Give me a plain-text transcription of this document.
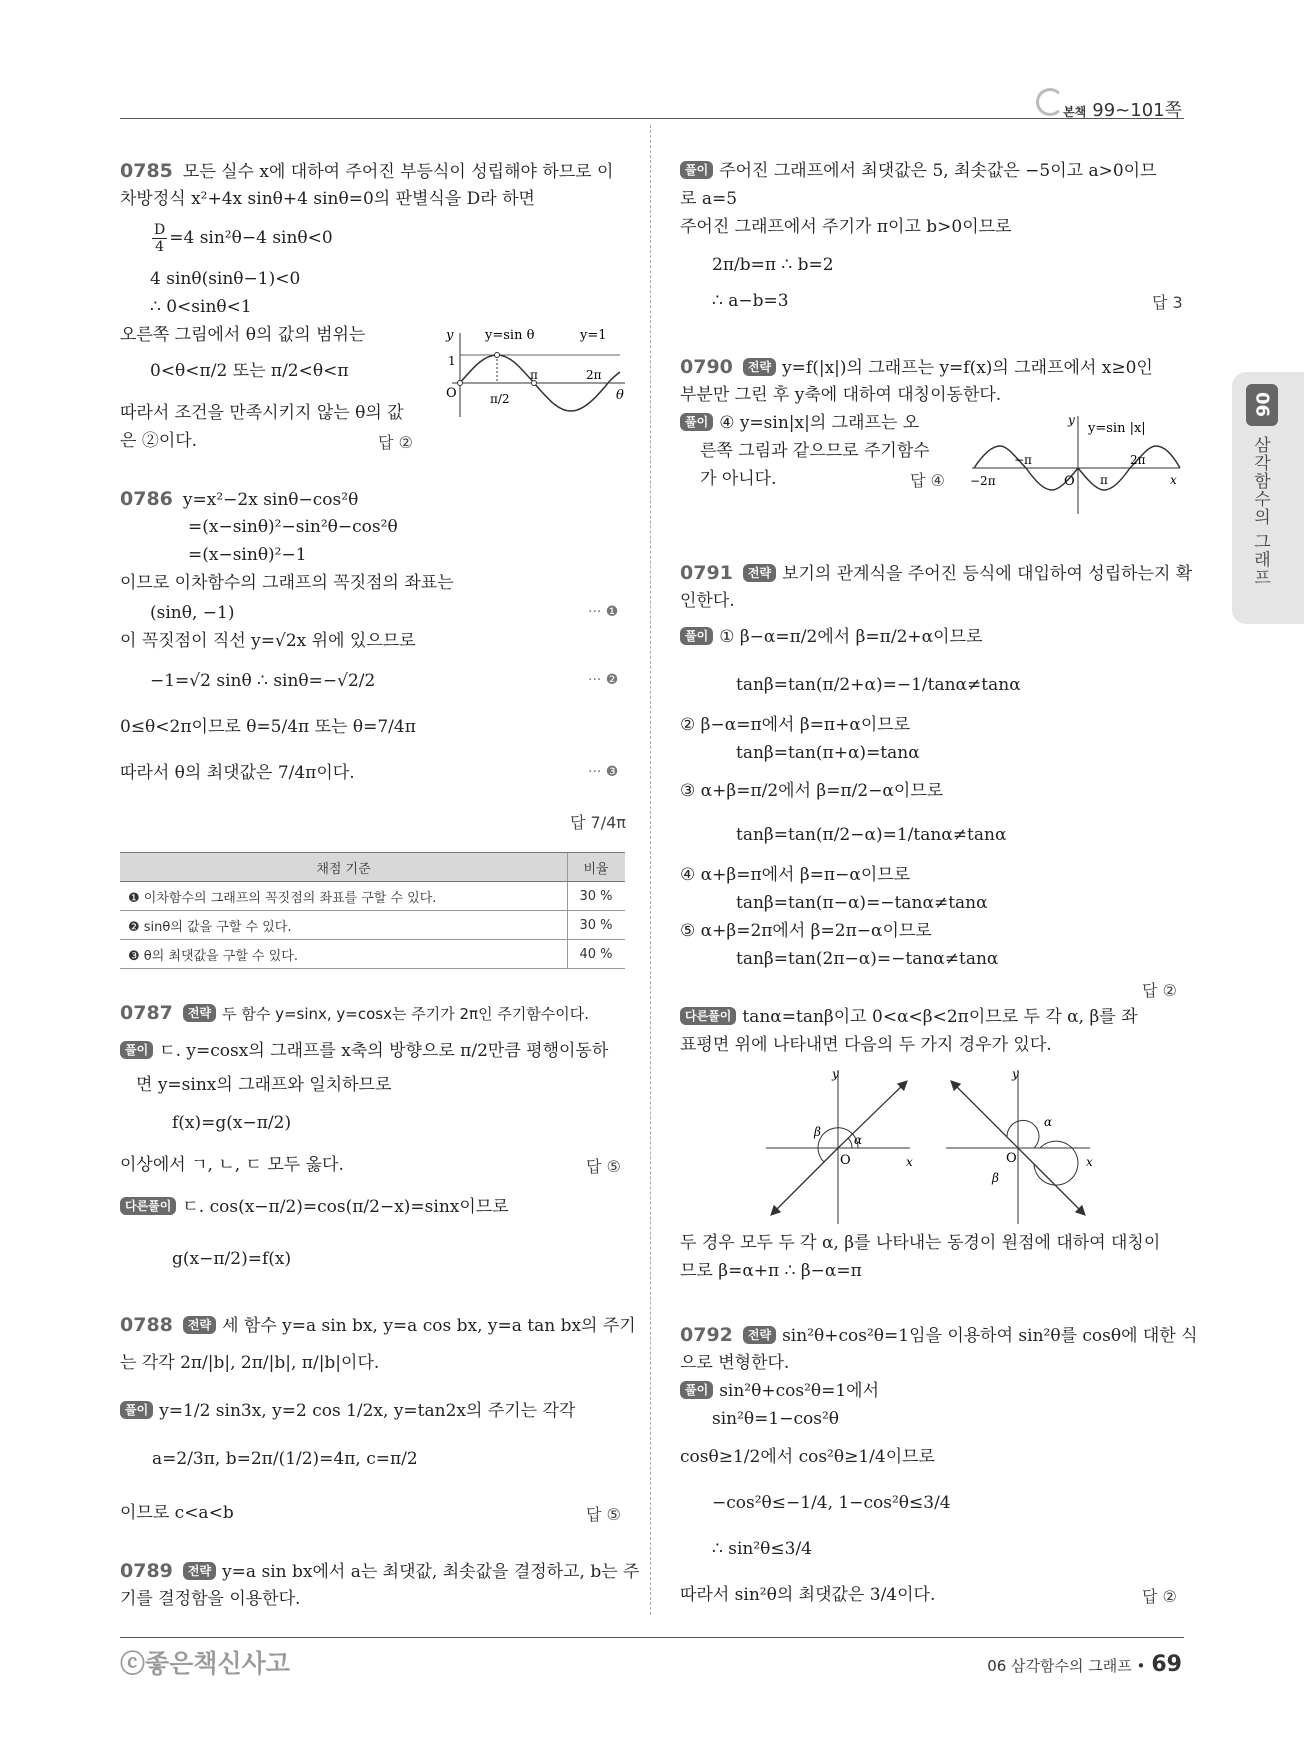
본책 99~101쪽
06
삼각함수의 그래프
0785 모든 실수 x에 대하여 주어진 부등식이 성립해야 하므로 이
차방정식 x²+4x sinθ+4 sinθ=0의 판별식을 D라 하면
$\frac{D}{4} =4$ sin²θ−4 sinθ<0
4 sinθ(sinθ−1)<0
∴ 0<sinθ<1
오른쪽 그림에서 θ의 값의 범위는
0<θ<π/2 또는 π/2<θ<π
따라서 조건을 만족시키지 않는 θ의 값
은 ②이다.	답 ②
y y=sin θ	y=1
1
O	π/2
π	2π
θ
0786 y=x²−2x sinθ−cos²θ
=(x−sinθ)²−sin²θ−cos²θ
=(x−sinθ)²−1
이므로 이차함수의 그래프의 꼭짓점의 좌표는
(sinθ, −1)	··· ❶
이 꼭짓점이 직선 y=√2x 위에 있으므로
−1=√2 sinθ ∴ sinθ=−√2/2	··· ❷
0≤θ<2π이므로 θ=5/4π 또는 θ=7/4π
따라서 θ의 최댓값은 7/4π이다.	··· ❸
답 7/4π
채점 기준	비율
❶ 이차함수의 그래프의 꼭짓점의 좌표를 구할 수 있다.	30 %
❷ sinθ의 값을 구할 수 있다.	30 %
❸ θ의 최댓값을 구할 수 있다.	40 %
0787 전략 두 함수 y=sinx, y=cosx는 주기가 2π인 주기함수이다.
풀이 ㄷ. y=cosx의 그래프를 x축의 방향으로 π/2만큼 평행이동하
면 y=sinx의 그래프와 일치하므로
f(x)=g(x−π/2)
이상에서 ㄱ, ㄴ, ㄷ 모두 옳다.	답 ⑤
다른풀이 ㄷ. cos(x−π/2)=cos(π/2−x)=sinx이므로
g(x−π/2)=f(x)
0788 전략 세 함수 y=a sin bx, y=a cos bx, y=a tan bx의 주기
는 각각 2π/|b|, 2π/|b|, π/|b|이다.
풀이 y=1/2 sin3x, y=2 cos 1/2x, y=tan2x의 주기는 각각
a=2/3π, b=2π/(1/2)=4π, c=π/2
이므로 c<a<b	답 ⑤
0789 전략 y=a sin bx에서 a는 최댓값, 최솟값을 결정하고, b는 주
기를 결정함을 이용한다.
풀이 주어진 그래프에서 최댓값은 5, 최솟값은 −5이고 a>0이므
로 a=5
주어진 그래프에서 주기가 π이고 b>0이므로
2π/b=π ∴ b=2
∴ a−b=3	답 3
0790 전략 y=f(|x|)의 그래프는 y=f(x)의 그래프에서 x≥0인
부분만 그린 후 y축에 대하여 대칭이동한다.
풀이 ④ y=sin|x|의 그래프는 오
른쪽 그림과 같으므로 주기함수
가 아니다.	답 ④
y
y=sin |x|
−π
−2π	O π
2π
x
0791 전략 보기의 관계식을 주어진 등식에 대입하여 성립하는지 확
인한다.
풀이 ① β−α=π/2에서 β=π/2+α이므로
tanβ=tan(π/2+α)=−1/tanα≠tanα
② β−α=π에서 β=π+α이므로
tanβ=tan(π+α)=tanα
③ α+β=π/2에서 β=π/2−α이므로
tanβ=tan(π/2−α)=1/tanα≠tanα
④ α+β=π에서 β=π−α이므로
tanβ=tan(π−α)=−tanα≠tanα
⑤ α+β=2π에서 β=2π−α이므로
tanβ=tan(2π−α)=−tanα≠tanα
답 ②
다른풀이 tanα=tanβ이고 0<α<β<2π이므로 두 각 α, β를 좌
표평면 위에 나타내면 다음의 두 가지 경우가 있다.
y
x
O
α
β
y
x
O
α
β
두 경우 모두 두 각 α, β를 나타내는 동경이 원점에 대하여 대칭이
므로 β=α+π ∴ β−α=π
0792 전략 sin²θ+cos²θ=1임을 이용하여 sin²θ를 cosθ에 대한 식
으로 변형한다.
풀이 sin²θ+cos²θ=1에서
sin²θ=1−cos²θ
cosθ≥1/2에서 cos²θ≥1/4이므로
−cos²θ≤−1/4, 1−cos²θ≤3/4
∴ sin²θ≤3/4
따라서 sin²θ의 최댓값은 3/4이다.	답 ②
ⓒ좋은책신사고	06 삼각함수의 그래프 • 69
